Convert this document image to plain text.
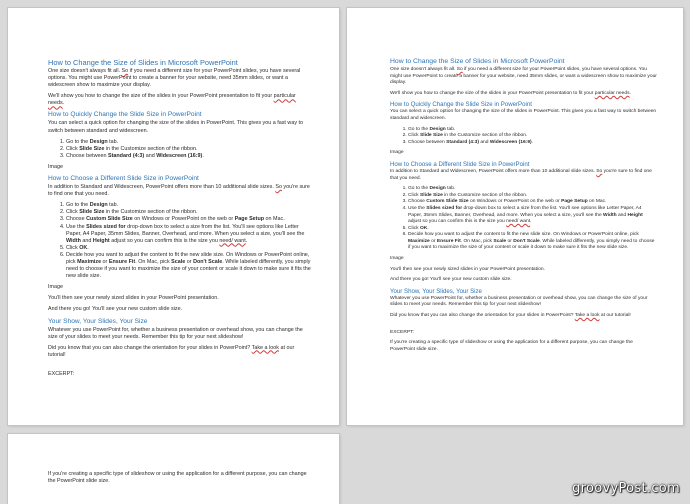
How to Change the Size of Slides in Microsoft PowerPoint
One size doesn't always fit all. So if you need a different size for your PowerPoint slides, you have several options. You might use PowerPoint to create a banner for your website, need 35mm slides, or want a widescreen show to maximize your display.
We'll show you how to change the size of the slides in your PowerPoint presentation to fit your particular needs.
How to Quickly Change the Slide Size in PowerPoint
You can select a quick option for changing the size of the slides in PowerPoint. This gives you a fast way to switch between standard and widescreen.
1. Go to the Design tab.
2. Click Slide Size in the Customize section of the ribbon.
3. Choose between Standard (4:3) and Widescreen (16:9).
Image
How to Choose a Different Slide Size in PowerPoint
In addition to Standard and Widescreen, PowerPoint offers more than 10 additional slide sizes. So you're sure to find one that you need.
1. Go to the Design tab.
2. Click Slide Size in the Customize section of the ribbon.
3. Choose Custom Slide Size on Windows or PowerPoint on the web or Page Setup on Mac.
4. Use the Slides sized for drop-down box to select a size from the list. You'll see options like Letter Paper, A4 Paper, 35mm Slides, Banner, Overhead, and more. When you select a size, you'll see the Width and Height adjust so you can confirm this is the size you need/ want.
5. Click OK.
6. Decide how you want to adjust the content to fit the new slide size. On Windows or PowerPoint online, pick Maximize or Ensure Fit. On Mac, pick Scale or Don't Scale. While labeled differently, you simply need to choose if you want to maximize the size of your content or scale it down to make sure it fits the new slide size.
Image
You'll then see your newly sized slides in your PowerPoint presentation.
And there you go! You'll see your new custom slide size.
Your Show, Your Slides, Your Size
Whatever you use PowerPoint for, whether a business presentation or overhead show, you can change the size of your slides to meet your needs. Remember this tip for your next slideshow!
Did you know that you can also change the orientation for your slides in PowerPoint? Take a look at our tutorial!
EXCERPT:
How to Change the Size of Slides in Microsoft PowerPoint
One size doesn't always fit all. So if you need a different size for your PowerPoint slides, you have several options. You might use PowerPoint to create a banner for your website, need 35mm slides, or want a widescreen show to maximize your display.
We'll show you how to change the size of the slides in your PowerPoint presentation to fit your particular needs.
How to Quickly Change the Slide Size in PowerPoint
You can select a quick option for changing the size of the slides in PowerPoint. This gives you a fast way to switch between standard and widescreen.
1. Go to the Design tab.
2. Click Slide Size in the Customize section of the ribbon.
3. Choose between Standard (4:3) and Widescreen (16:9).
Image
How to Choose a Different Slide Size in PowerPoint
In addition to Standard and Widescreen, PowerPoint offers more than 10 additional slide sizes. So you're sure to find one that you need.
1. Go to the Design tab.
2. Click Slide Size in the Customize section of the ribbon.
3. Choose Custom Slide Size on Windows or PowerPoint on the web or Page Setup on Mac.
4. Use the Slides sized for drop-down box to select a size from the list. You'll see options like Letter Paper, A4 Paper, 35mm Slides, Banner, Overhead, and more. When you select a size, you'll see the Width and Height adjust so you can confirm this is the size you need/ want.
5. Click OK.
6. Decide how you want to adjust the content to fit the new slide size. On Windows or PowerPoint online, pick Maximize or Ensure Fit. On Mac, pick Scale or Don't Scale. While labeled differently, you simply need to choose if you want to maximize the size of your content or scale it down to make sure it fits the new slide size.
Image
You'll then see your newly sized slides in your PowerPoint presentation.
And there you go! You'll see your new custom slide size.
Your Show, Your Slides, Your Size
Whatever you use PowerPoint for, whether a business presentation or overhead show, you can change the size of your slides to meet your needs. Remember this tip for your next slideshow!
Did you know that you can also change the orientation for your slides in PowerPoint? Take a look at our tutorial!
EXCERPT:
If you're creating a specific type of slideshow or using the application for a different purpose, you can change the PowerPoint slide size.
If you're creating a specific type of slideshow or using the application for a different purpose, you can change the PowerPoint slide size.	groovyPost.com
